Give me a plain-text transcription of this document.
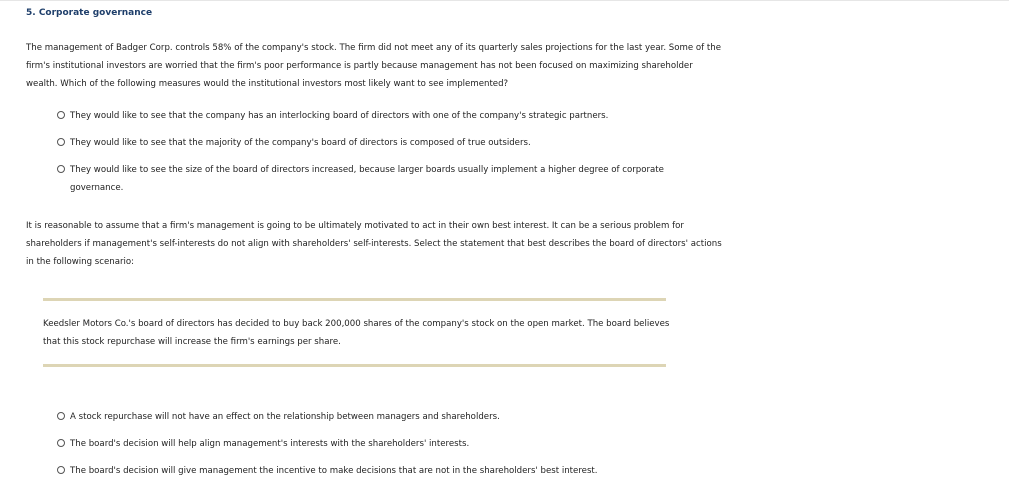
5. Corporate governance
The management of Badger Corp. controls 58% of the company's stock. The firm did not meet any of its quarterly sales projections for the last year. Some of the firm's institutional investors are worried that the firm's poor performance is partly because management has not been focused on maximizing shareholder wealth. Which of the following measures would the institutional investors most likely want to see implemented?
They would like to see that the company has an interlocking board of directors with one of the company's strategic partners.
They would like to see that the majority of the company's board of directors is composed of true outsiders.
They would like to see the size of the board of directors increased, because larger boards usually implement a higher degree of corporate governance.
It is reasonable to assume that a firm's management is going to be ultimately motivated to act in their own best interest. It can be a serious problem for shareholders if management's self-interests do not align with shareholders' self-interests. Select the statement that best describes the board of directors' actions in the following scenario:
Keedsler Motors Co.'s board of directors has decided to buy back 200,000 shares of the company's stock on the open market. The board believes that this stock repurchase will increase the firm's earnings per share.
A stock repurchase will not have an effect on the relationship between managers and shareholders.
The board's decision will help align management's interests with the shareholders' interests.
The board's decision will give management the incentive to make decisions that are not in the shareholders' best interest.
